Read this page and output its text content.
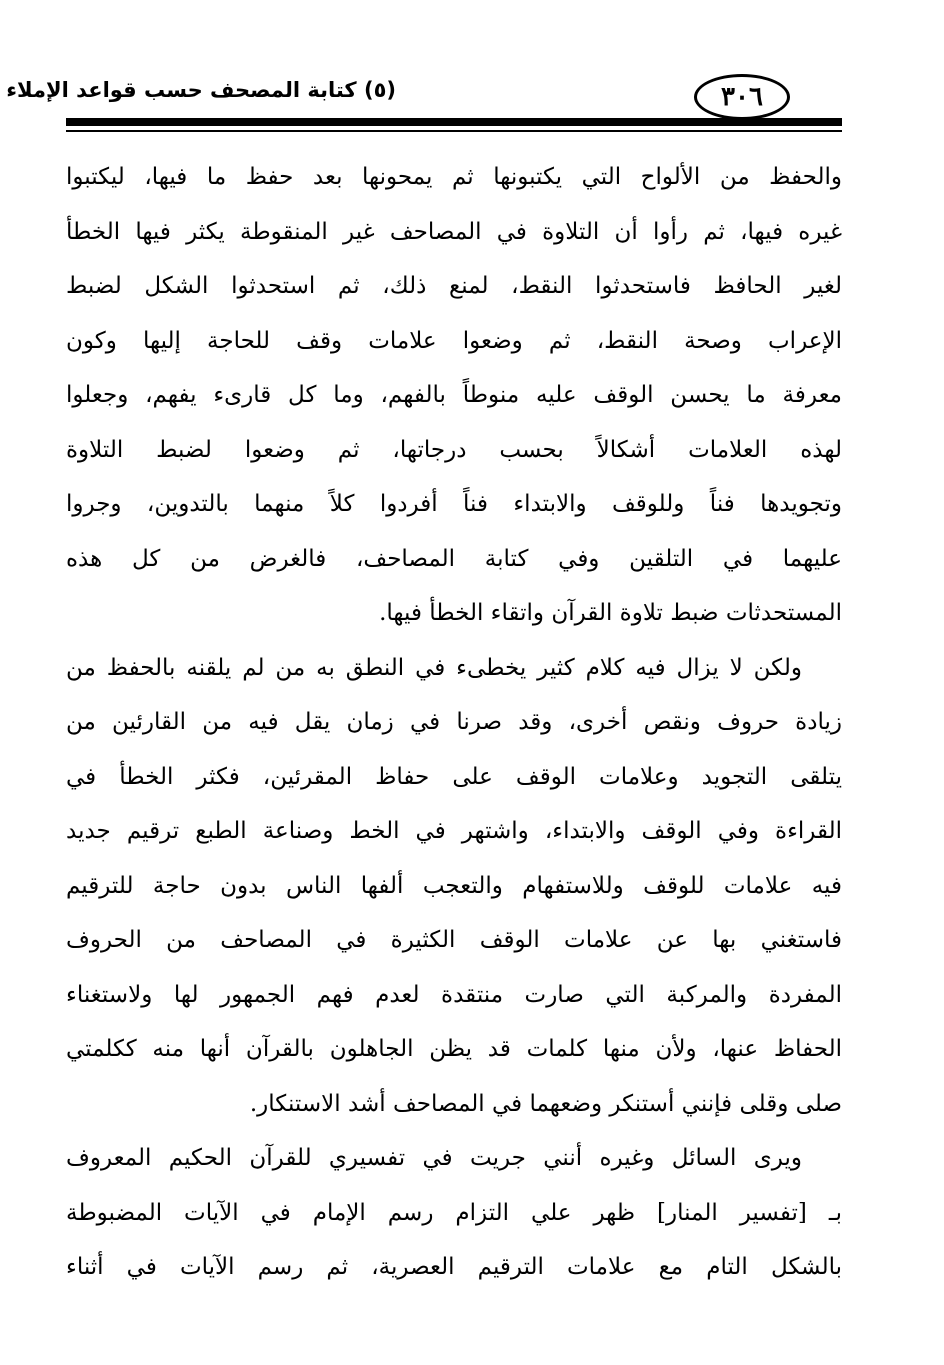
٣٠٦
(٥) كتابة المصحف حسب قواعد الإملاء
والحفظ من الألواح التي يكتبونها ثم يمحونها بعد حفظ ما فيها، ليكتبوا
غيره فيها، ثم رأوا أن التلاوة في المصاحف غير المنقوطة يكثر فيها الخطأ
لغير الحافظ فاستحدثوا النقط، لمنع ذلك، ثم استحدثوا الشكل لضبط
الإعراب وصحة النقط، ثم وضعوا علامات وقف للحاجة إليها وكون
معرفة ما يحسن الوقف عليه منوطاً بالفهم، وما كل قارىء يفهم، وجعلوا
لهذه العلامات أشكالاً بحسب درجاتها، ثم وضعوا لضبط التلاوة
وتجويدها فناً وللوقف والابتداء فناً أفردوا كلاً منهما بالتدوين، وجروا
عليهما في التلقين وفي كتابة المصاحف، فالغرض من كل هذه
المستحدثات ضبط تلاوة القرآن واتقاء الخطأ فيها.
ولكن لا يزال فيه كلام كثير يخطىء في النطق به من لم يلقنه بالحفظ من
زيادة حروف ونقص أخرى، وقد صرنا في زمان يقل فيه من القارئين من
يتلقى التجويد وعلامات الوقف على حفاظ المقرئين، فكثر الخطأ في
القراءة وفي الوقف والابتداء، واشتهر في الخط وصناعة الطبع ترقيم جديد
فيه علامات للوقف وللاستفهام والتعجب ألفها الناس بدون حاجة للترقيم
فاستغني بها عن علامات الوقف الكثيرة في المصاحف من الحروف
المفردة والمركبة التي صارت منتقدة لعدم فهم الجمهور لها ولاستغناء
الحفاظ عنها، ولأن منها كلمات قد يظن الجاهلون بالقرآن أنها منه ككلمتي
صلى وقلى فإنني أستنكر وضعهما في المصاحف أشد الاستنكار.
ويرى السائل وغيره أنني جريت في تفسيري للقرآن الحكيم المعروف
بـ [تفسير المنار] ظهر علي التزام رسم الإمام في الآيات المضبوطة
بالشكل التام مع علامات الترقيم العصرية، ثم رسم الآيات في أثناء
